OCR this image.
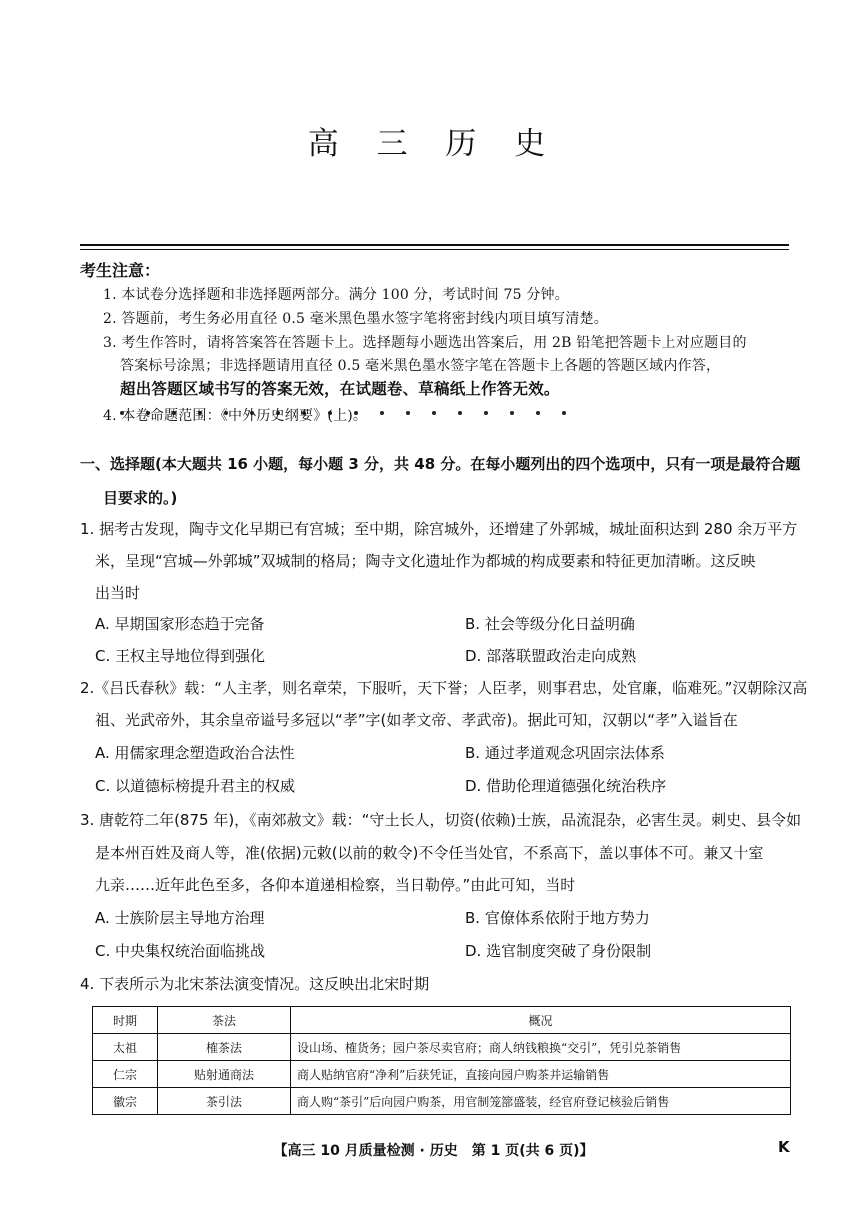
高 三 历 史
考生注意：
1. 本试卷分选择题和非选择题两部分。满分 100 分，考试时间 75 分钟。
2. 答题前，考生务必用直径 0.5 毫米黑色墨水签字笔将密封线内项目填写清楚。
3. 考生作答时，请将答案答在答题卡上。选择题每小题选出答案后，用 2B 铅笔把答题卡上对应题目的
答案标号涂黑；非选择题请用直径 0.5 毫米黑色墨水签字笔在答题卡上各题的答题区域内作答，
超出答题区域书写的答案无效，在试题卷、草稿纸上作答无效。
4. 本卷命题范围：《中外历史纲要》(上)。
一、选择题(本大题共 16 小题，每小题 3 分，共 48 分。在每小题列出的四个选项中，只有一项是最符合题
目要求的。)
1. 据考古发现，陶寺文化早期已有宫城；至中期，除宫城外，还增建了外郭城，城址面积达到 280 余万平方
米，呈现“宫城—外郭城”双城制的格局；陶寺文化遗址作为都城的构成要素和特征更加清晰。这反映
出当时
A. 早期国家形态趋于完备	B. 社会等级分化日益明确
C. 王权主导地位得到强化	D. 部落联盟政治走向成熟
2.《吕氏春秋》载：“人主孝，则名章荣，下服听，天下誉；人臣孝，则事君忠，处官廉，临难死。”汉朝除汉高
祖、光武帝外，其余皇帝谥号多冠以“孝”字(如孝文帝、孝武帝)。据此可知，汉朝以“孝”入谥旨在
A. 用儒家理念塑造政治合法性	B. 通过孝道观念巩固宗法体系
C. 以道德标榜提升君主的权威	D. 借助伦理道德强化统治秩序
3. 唐乾符二年(875 年)，《南郊赦文》载：“守土长人，切资(依赖)士族，品流混杂，必害生灵。刺史、县令如
是本州百姓及商人等，准(依据)元敕(以前的敕令)不令任当处官，不系高下，盖以事体不可。兼又十室
九亲……近年此色至多，各仰本道递相检察，当日勒停。”由此可知，当时
A. 士族阶层主导地方治理	B. 官僚体系依附于地方势力
C. 中央集权统治面临挑战	D. 选官制度突破了身份限制
4. 下表所示为北宋茶法演变情况。这反映出北宋时期
时期	茶法	概况
太祖	榷茶法	设山场、榷货务；园户茶尽卖官府；商人纳钱粮换“交引”，凭引兑茶销售
仁宗	贴射通商法	商人贴纳官府“净利”后获凭证，直接向园户购茶并运输销售
徽宗	茶引法	商人购“茶引”后向园户购茶，用官制笼篰盛装，经官府登记核验后销售
【高三 10 月质量检测 · 历史　第 1 页(共 6 页)】	K
